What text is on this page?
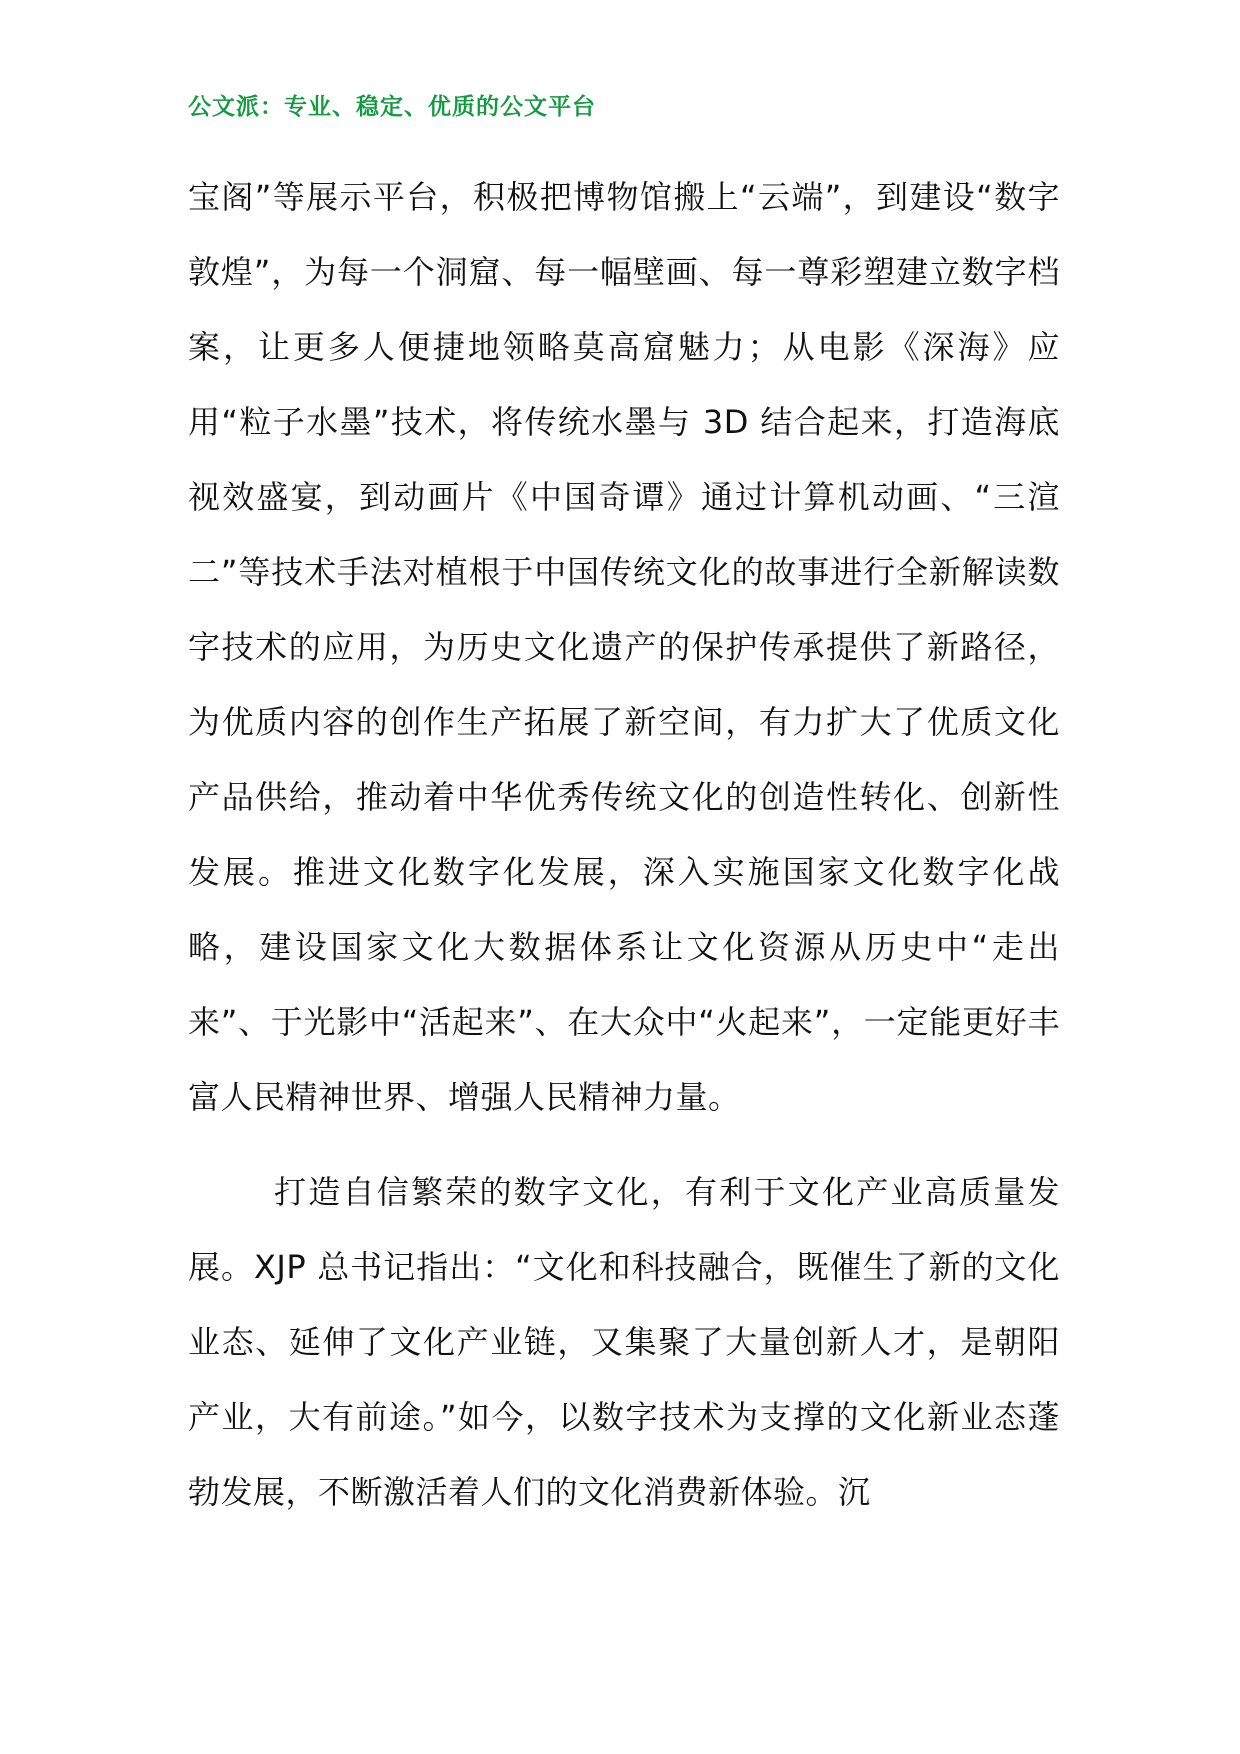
公文派：专业、稳定、优质的公文平台

宝阁”等展示平台，积极把博物馆搬上“云端”，到建设“数字敦煌”，为每一个洞窟、每一幅壁画、每一尊彩塑建立数字档案，让更多人便捷地领略莫高窟魅力；从电影《深海》应用“粒子水墨”技术，将传统水墨与 3D 结合起来，打造海底视效盛宴，到动画片《中国奇谭》通过计算机动画、“三渲二”等技术手法对植根于中国传统文化的故事进行全新解读数字技术的应用，为历史文化遗产的保护传承提供了新路径，为优质内容的创作生产拓展了新空间，有力扩大了优质文化产品供给，推动着中华优秀传统文化的创造性转化、创新性发展。推进文化数字化发展，深入实施国家文化数字化战略，建设国家文化大数据体系让文化资源从历史中“走出来”、于光影中“活起来”、在大众中“火起来”，一定能更好丰富人民精神世界、增强人民精神力量。

打造自信繁荣的数字文化，有利于文化产业高质量发展。XJP 总书记指出：“文化和科技融合，既催生了新的文化业态、延伸了文化产业链，又集聚了大量创新人才，是朝阳产业，大有前途。”如今，以数字技术为支撑的文化新业态蓬勃发展，不断激活着人们的文化消费新体验。沉
